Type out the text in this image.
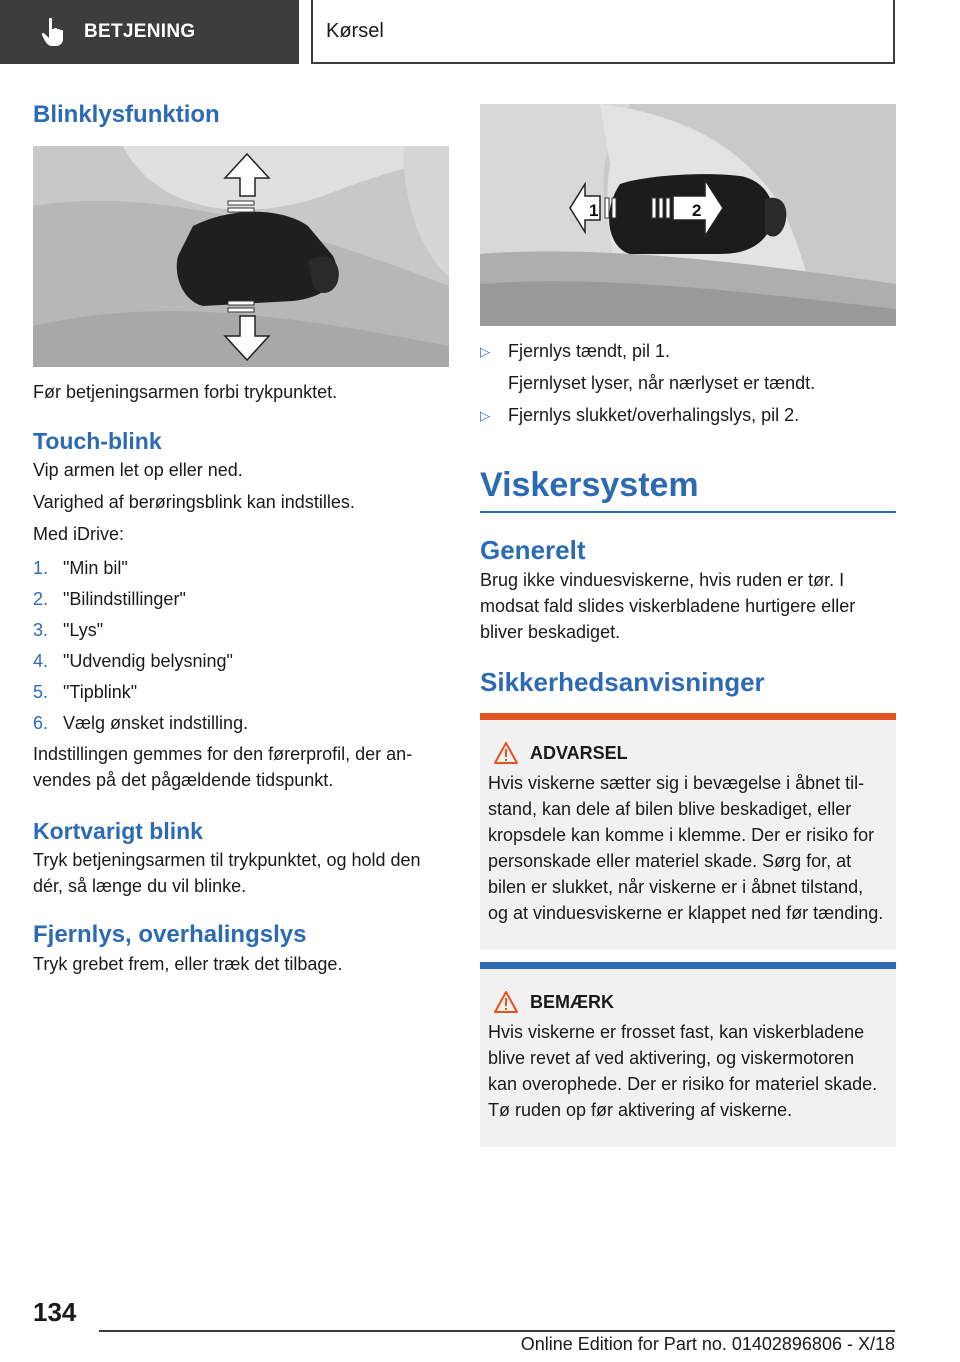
BETJENING	Kørsel
Blinklysfunktion

Før betjeningsarmen forbi trykpunktet.

Touch-blink

Vip armen let op eller ned.

Varighed af berøringsblink kan indstilles.

Med iDrive:

1. "Min bil"
2. "Bilindstillinger"
3. "Lys"
4. "Udvendig belysning"
5. "Tipblink"
6. Vælg ønsket indstilling.

Indstillingen gemmes for den førerprofil, der anvendes på det pågældende tidspunkt.

Kortvarigt blink

Tryk betjeningsarmen til trykpunktet, og hold den dér, så længe du vil blinke.

Fjernlys, overhalingslys

Tryk grebet frem, eller træk det tilbage.

1	2
▷	Fjernlys tændt, pil 1.
Fjernlyset lyser, når nærlyset er tændt.
▷	Fjernlys slukket/overhalingslys, pil 2.
Viskersystem
Generelt

Brug ikke vinduesviskerne, hvis ruden er tør. I modsat fald slides viskerbladene hurtigere eller bliver beskadiget.

Sikkerhedsanvisninger
ADVARSEL
Hvis viskerne sætter sig i bevægelse i åbnet tilstand, kan dele af bilen blive beskadiget, eller kropsdele kan komme i klemme. Der er risiko for personskade eller materiel skade. Sørg for, at bilen er slukket, når viskerne er i åbnet tilstand, og at vinduesviskerne er klappet ned før tænding.
BEMÆRK
Hvis viskerne er frosset fast, kan viskerbladene blive revet af ved aktivering, og viskermotoren kan overophede. Der er risiko for materiel skade. Tø ruden op før aktivering af viskerne.
134
Online Edition for Part no. 01402896806 - X/18
